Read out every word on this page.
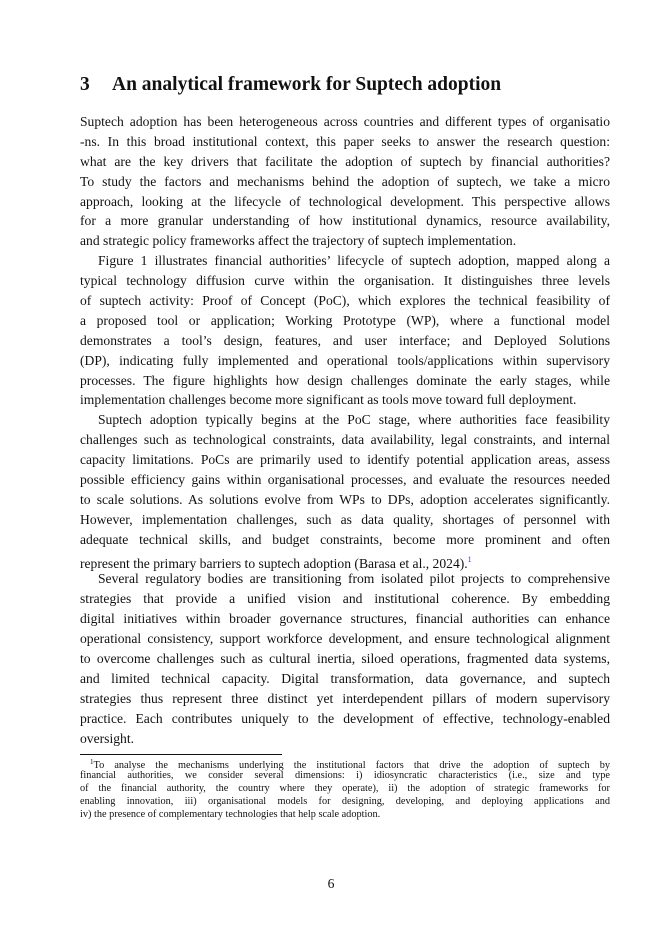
3 An analytical framework for Suptech adoption
Suptech adoption has been heterogeneous across countries and different types of organisatio
-ns. In this broad institutional context, this paper seeks to answer the research question:
what are the key drivers that facilitate the adoption of suptech by financial authorities?
To study the factors and mechanisms behind the adoption of suptech, we take a micro
approach, looking at the lifecycle of technological development. This perspective allows
for a more granular understanding of how institutional dynamics, resource availability,
and strategic policy frameworks affect the trajectory of suptech implementation.
Figure 1 illustrates financial authorities’ lifecycle of suptech adoption, mapped along a
typical technology diffusion curve within the organisation. It distinguishes three levels
of suptech activity: Proof of Concept (PoC), which explores the technical feasibility of
a proposed tool or application; Working Prototype (WP), where a functional model
demonstrates a tool’s design, features, and user interface; and Deployed Solutions
(DP), indicating fully implemented and operational tools/applications within supervisory
processes. The figure highlights how design challenges dominate the early stages, while
implementation challenges become more significant as tools move toward full deployment.
Suptech adoption typically begins at the PoC stage, where authorities face feasibility
challenges such as technological constraints, data availability, legal constraints, and internal
capacity limitations. PoCs are primarily used to identify potential application areas, assess
possible efficiency gains within organisational processes, and evaluate the resources needed
to scale solutions. As solutions evolve from WPs to DPs, adoption accelerates significantly.
However, implementation challenges, such as data quality, shortages of personnel with
adequate technical skills, and budget constraints, become more prominent and often
represent the primary barriers to suptech adoption (Barasa et al., 2024).$^1$
Several regulatory bodies are transitioning from isolated pilot projects to comprehensive
strategies that provide a unified vision and institutional coherence. By embedding
digital initiatives within broader governance structures, financial authorities can enhance
operational consistency, support workforce development, and ensure technological alignment
to overcome challenges such as cultural inertia, siloed operations, fragmented data systems,
and limited technical capacity. Digital transformation, data governance, and suptech
strategies thus represent three distinct yet interdependent pillars of modern supervisory
practice. Each contributes uniquely to the development of effective, technology-enabled
oversight.
$^1$To analyse the mechanisms underlying the institutional factors that drive the adoption of suptech by
financial authorities, we consider several dimensions: i) idiosyncratic characteristics (i.e., size and type
of the financial authority, the country where they operate), ii) the adoption of strategic frameworks for
enabling innovation, iii) organisational models for designing, developing, and deploying applications and
iv) the presence of complementary technologies that help scale adoption.
6
